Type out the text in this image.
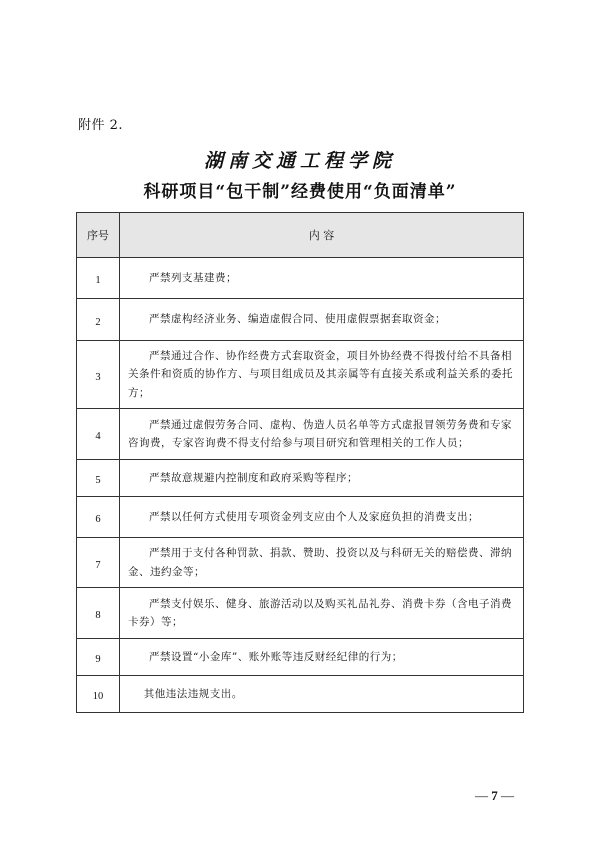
附件 2.
湖南交通工程学院
科研项目“包干制”经费使用“负面清单”
序号	内 容
1	严禁列支基建费；
2	严禁虚构经济业务、编造虚假合同、使用虚假票据套取资金；
3	严禁通过合作、协作经费方式套取资金，项目外协经费不得拨付给不具备相关条件和资质的协作方、与项目组成员及其亲属等有直接关系或利益关系的委托方；
4	严禁通过虚假劳务合同、虚构、伪造人员名单等方式虚报冒领劳务费和专家咨询费，专家咨询费不得支付给参与项目研究和管理相关的工作人员；
5	严禁故意规避内控制度和政府采购等程序；
6	严禁以任何方式使用专项资金列支应由个人及家庭负担的消费支出；
7	严禁用于支付各种罚款、捐款、赞助、投资以及与科研无关的赔偿费、滞纳金、违约金等；
8	严禁支付娱乐、健身、旅游活动以及购买礼品礼券、消费卡券（含电子消费卡券）等；
9	严禁设置“小金库”、账外账等违反财经纪律的行为；
10	其他违法违规支出。
— 7 —
